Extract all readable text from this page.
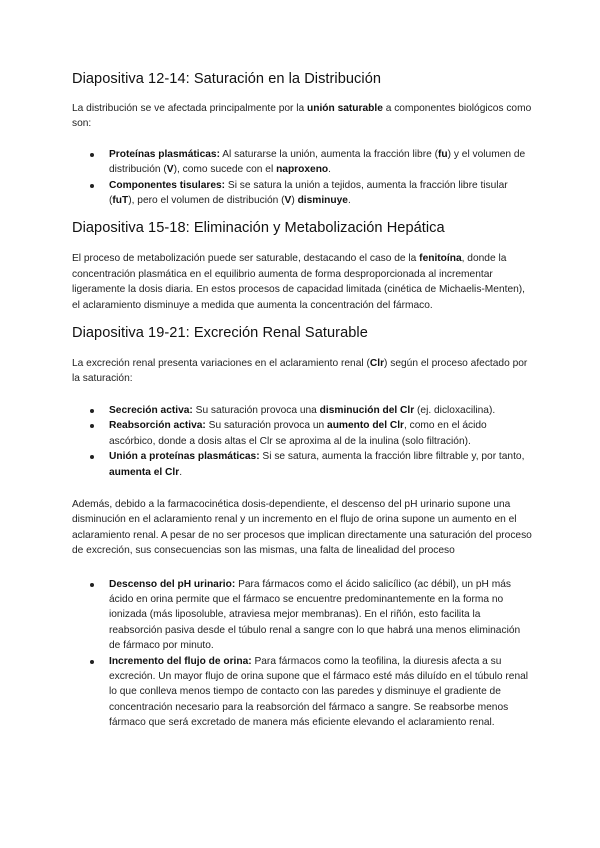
Diapositiva 12-14: Saturación en la Distribución

La distribución se ve afectada principalmente por la unión saturable a componentes biológicos como son:

Proteínas plasmáticas: Al saturarse la unión, aumenta la fracción libre (fu) y el volumen de distribución (V), como sucede con el naproxeno.
Componentes tisulares: Si se satura la unión a tejidos, aumenta la fracción libre tisular (fuT), pero el volumen de distribución (V) disminuye.
Diapositiva 15-18: Eliminación y Metabolización Hepática

El proceso de metabolización puede ser saturable, destacando el caso de la fenitoína, donde la concentración plasmática en el equilibrio aumenta de forma desproporcionada al incrementar ligeramente la dosis diaria. En estos procesos de capacidad limitada (cinética de Michaelis-Menten), el aclaramiento disminuye a medida que aumenta la concentración del fármaco.

Diapositiva 19-21: Excreción Renal Saturable

La excreción renal presenta variaciones en el aclaramiento renal (Clr) según el proceso afectado por la saturación:

Secreción activa: Su saturación provoca una disminución del Clr (ej. dicloxacilina).
Reabsorción activa: Su saturación provoca un aumento del Clr, como en el ácido ascórbico, donde a dosis altas el Clr se aproxima al de la inulina (solo filtración).
Unión a proteínas plasmáticas: Si se satura, aumenta la fracción libre filtrable y, por tanto, aumenta el Clr.

Además, debido a la farmacocinética dosis-dependiente, el descenso del pH urinario supone una disminución en el aclaramiento renal y un incremento en el flujo de orina supone un aumento en el aclaramiento renal. A pesar de no ser procesos que implican directamente una saturación del proceso de excreción, sus consecuencias son las mismas, una falta de linealidad del proceso

Descenso del pH urinario: Para fármacos como el ácido salicílico (ac débil), un pH más ácido en orina permite que el fármaco se encuentre predominantemente en la forma no ionizada (más liposoluble, atraviesa mejor membranas). En el riñón, esto facilita la reabsorción pasiva desde el túbulo renal a sangre con lo que habrá una menos eliminación de fármaco por minuto.
Incremento del flujo de orina: Para fármacos como la teofilina, la diuresis afecta a su excreción. Un mayor flujo de orina supone que el fármaco esté más diluído en el túbulo renal lo que conlleva menos tiempo de contacto con las paredes y disminuye el gradiente de concentración necesario para la reabsorción del fármaco a sangre. Se reabsorbe menos fármaco que será excretado de manera más eficiente elevando el aclaramiento renal.
